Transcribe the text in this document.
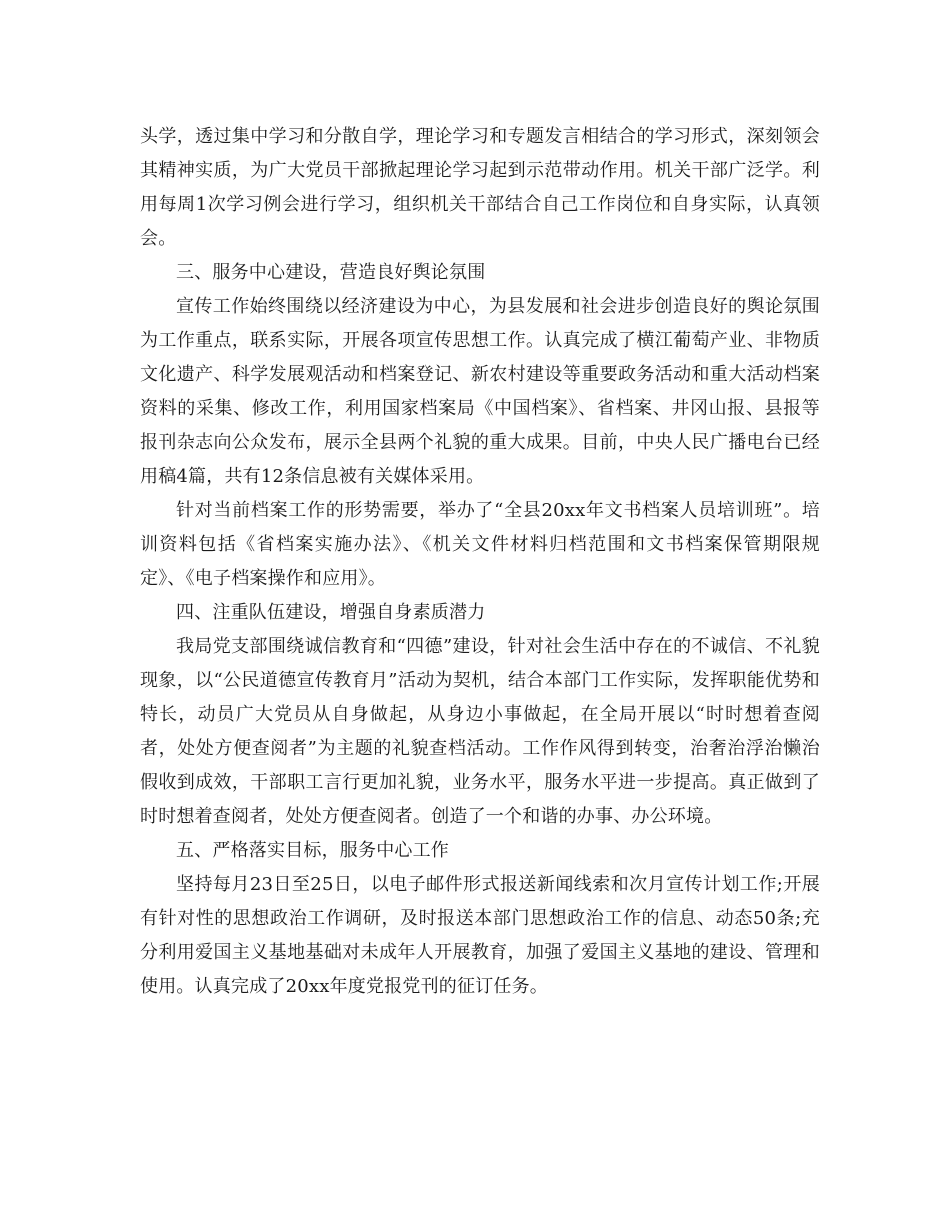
头学，透过集中学习和分散自学，理论学习和专题发言相结合的学习形式，深刻领会其精神实质，为广大党员干部掀起理论学习起到示范带动作用。机关干部广泛学。利用每周1次学习例会进行学习，组织机关干部结合自己工作岗位和自身实际，认真领会。

三、服务中心建设，营造良好舆论氛围

宣传工作始终围绕以经济建设为中心，为县发展和社会进步创造良好的舆论氛围为工作重点，联系实际，开展各项宣传思想工作。认真完成了横江葡萄产业、非物质文化遗产、科学发展观活动和档案登记、新农村建设等重要政务活动和重大活动档案资料的采集、修改工作，利用国家档案局《中国档案》、省档案、井冈山报、县报等报刊杂志向公众发布，展示全县两个礼貌的重大成果。目前，中央人民广播电台已经用稿4篇，共有12条信息被有关媒体采用。

针对当前档案工作的形势需要，举办了“全县20xx年文书档案人员培训班”。培训资料包括《省档案实施办法》、《机关文件材料归档范围和文书档案保管期限规定》、《电子档案操作和应用》。

四、注重队伍建设，增强自身素质潜力

我局党支部围绕诚信教育和“四德”建设，针对社会生活中存在的不诚信、不礼貌现象，以“公民道德宣传教育月”活动为契机，结合本部门工作实际，发挥职能优势和特长，动员广大党员从自身做起，从身边小事做起，在全局开展以“时时想着查阅者，处处方便查阅者”为主题的礼貌查档活动。工作作风得到转变，治奢治浮治懒治假收到成效，干部职工言行更加礼貌，业务水平，服务水平进一步提高。真正做到了时时想着查阅者，处处方便查阅者。创造了一个和谐的办事、办公环境。

五、严格落实目标，服务中心工作

坚持每月23日至25日，以电子邮件形式报送新闻线索和次月宣传计划工作;开展有针对性的思想政治工作调研，及时报送本部门思想政治工作的信息、动态50条;充分利用爱国主义基地基础对未成年人开展教育，加强了爱国主义基地的建设、管理和使用。认真完成了20xx年度党报党刊的征订任务。
